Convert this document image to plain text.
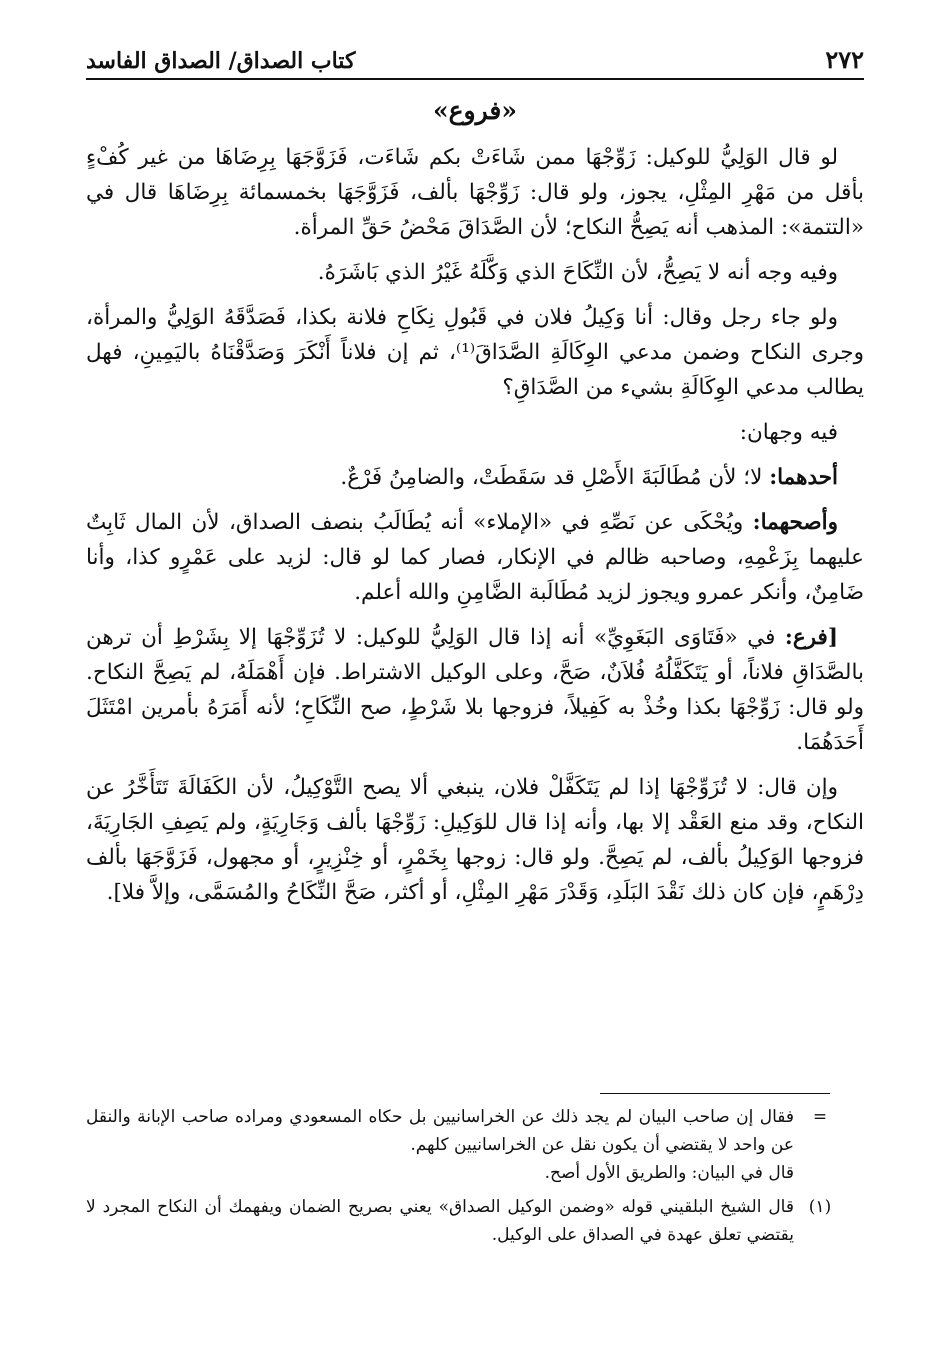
٢٧٢
كتاب الصداق/ الصداق الفاسد
«فروع»

لو قال الوَلِيُّ للوكيل: زَوِّجْهَا ممن شَاءَتْ بكم شَاءَت، فَزَوَّجَهَا بِرِضَاهَا من غير كُفْءٍ بأقل من مَهْرِ المِثْلِ، يجوز، ولو قال: زَوِّجْهَا بألف، فَزَوَّجَهَا بخمسمائة بِرِضَاهَا قال في «التتمة»: المذهب أنه يَصِحُّ النكاح؛ لأن الصَّدَاقَ مَحْضُ حَقِّ المرأة.

وفيه وجه أنه لا يَصِحُّ، لأن النِّكَاحَ الذي وَكَّلَهُ غَيْرُ الذي بَاشَرَهُ.

ولو جاء رجل وقال: أنا وَكِيلُ فلان في قَبُولِ نِكَاحِ فلانة بكذا، فَصَدَّقَهُ الوَلِيُّ والمرأة، وجرى النكاح وضمن مدعي الوِكَالَةِ الصَّدَاقَ⁽¹⁾، ثم إن فلاناً أَنْكَرَ وَصَدَّقْنَاهُ باليَمِينِ، فهل يطالب مدعي الوِكَالَةِ بشيء من الصَّدَاقِ؟

فيه وجهان:

أحدهما: لا؛ لأن مُطَالَبَةَ الأَصْلِ قد سَقَطَتْ، والضامِنُ فَرْعٌ.

وأصحهما: ويُحْكَى عن نَصِّهِ في «الإملاء» أنه يُطَالَبُ بنصف الصداق، لأن المال ثَابِتٌ عليهما بِزَعْمِهِ، وصاحبه ظالم في الإنكار، فصار كما لو قال: لزيد على عَمْرٍو كذا، وأنا ضَامِنٌ، وأنكر عمرو ويجوز لزيد مُطَالَبة الضَّامِنِ والله أعلم.

[فرع: في «فَتَاوَى البَغَوِيِّ» أنه إذا قال الوَلِيُّ للوكيل: لا تُزَوِّجْهَا إلا بِشَرْطِ أن ترهن بالصَّدَاقِ فلاناً، أو يَتَكَفَّلُهُ فُلاَنٌ، صَحَّ، وعلى الوكيل الاشتراط. فإن أَهْمَلَهُ، لم يَصِحَّ النكاح. ولو قال: زَوِّجْهَا بكذا وخُذْ به كَفِيلاً، فزوجها بلا شَرْطٍ، صح النِّكَاحِ؛ لأنه أَمَرَهُ بأمرين امْتَثَلَ أَحَدَهُمَا.

وإن قال: لا تُزَوِّجْهَا إذا لم يَتَكَفَّلْ فلان، ينبغي ألا يصح التَّوْكِيلُ، لأن الكَفَالَةَ تَتَأَخَّرُ عن النكاح، وقد منع العَقْد إلا بها، وأنه إذا قال للوَكِيلِ: زَوِّجْهَا بألف وَجَارِيَةٍ، ولم يَصِفِ الجَارِيَةَ، فزوجها الوَكِيلُ بألف، لم يَصِحَّ. ولو قال: زوجها بِخَمْرٍ، أو خِنْزِيرٍ، أو مجهول، فَزَوَّجَهَا بألف دِرْهَمٍ، فإن كان ذلك نَقْدَ البَلَدِ، وَقَدْرَ مَهْرِ المِثْلِ، أو أكثر، صَحَّ النِّكَاحُ والمُسَمَّى، وإلاَّ فلا].

=

فقال إن صاحب البيان لم يجد ذلك عن الخراسانيين بل حكاه المسعودي ومراده صاحب الإبانة والنقل عن واحد لا يقتضي أن يكون نقل عن الخراسانيين كلهم.

قال في البيان: والطريق الأول أصح.

(١)

قال الشيخ البلقيني قوله «وضمن الوكيل الصداق» يعني بصريح الضمان ويفهمك أن النكاح المجرد لا يقتضي تعلق عهدة في الصداق على الوكيل.
